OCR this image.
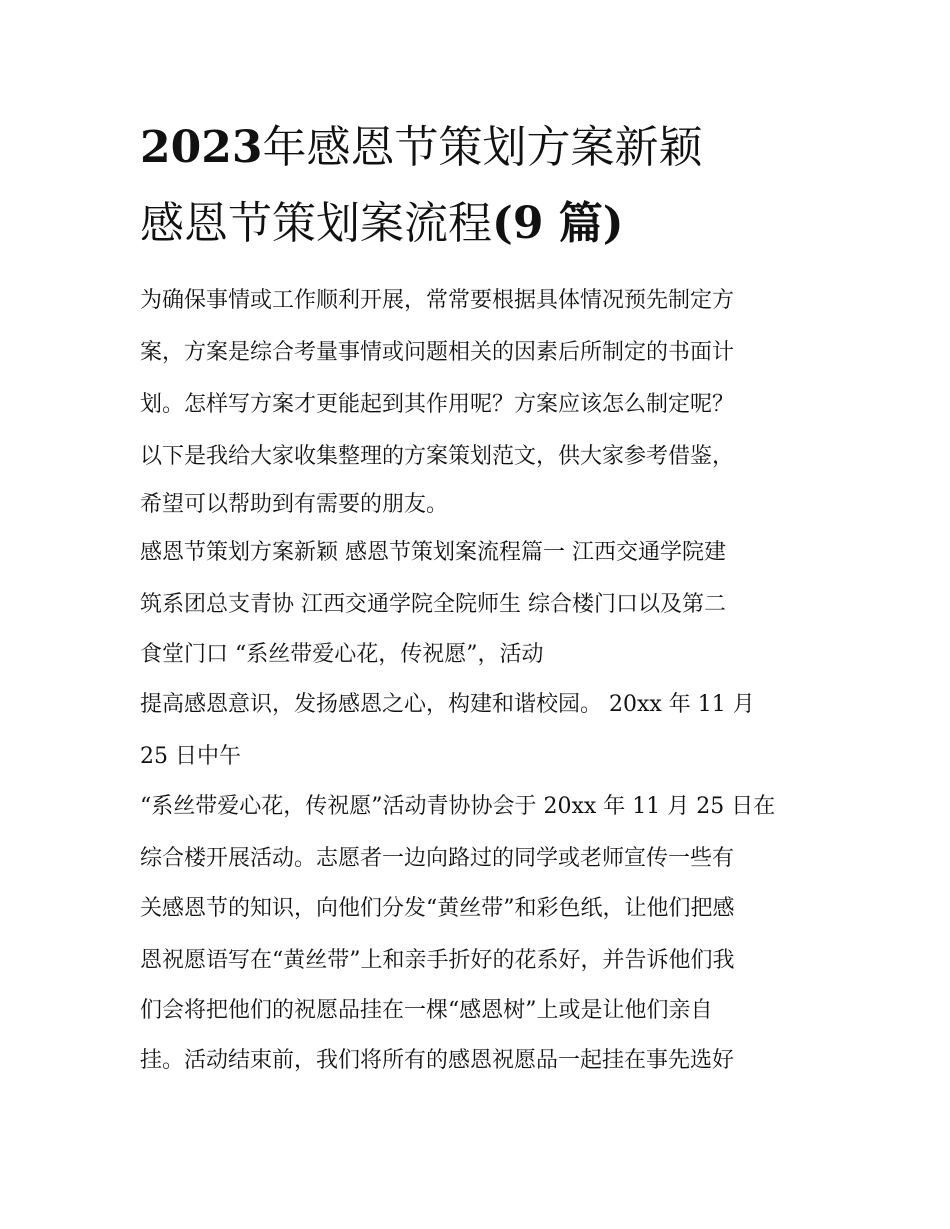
2023年感恩节策划方案新颖
感恩节策划案流程(9 篇)
为确保事情或工作顺利开展，常常要根据具体情况预先制定方
案，方案是综合考量事情或问题相关的因素后所制定的书面计
划。怎样写方案才更能起到其作用呢？方案应该怎么制定呢？
以下是我给大家收集整理的方案策划范文，供大家参考借鉴，
希望可以帮助到有需要的朋友。
感恩节策划方案新颖 感恩节策划案流程篇一 江西交通学院建
筑系团总支青协 江西交通学院全院师生 综合楼门口以及第二
食堂门口 “系丝带爱心花，传祝愿”，活动
提高感恩意识，发扬感恩之心，构建和谐校园。 20xx 年 11 月
25 日中午
“系丝带爱心花，传祝愿”活动青协协会于 20xx 年 11 月 25 日在
综合楼开展活动。志愿者一边向路过的同学或老师宣传一些有
关感恩节的知识，向他们分发“黄丝带”和彩色纸，让他们把感
恩祝愿语写在“黄丝带”上和亲手折好的花系好，并告诉他们我
们会将把他们的祝愿品挂在一棵“感恩树”上或是让他们亲自
挂。活动结束前，我们将所有的感恩祝愿品一起挂在事先选好
